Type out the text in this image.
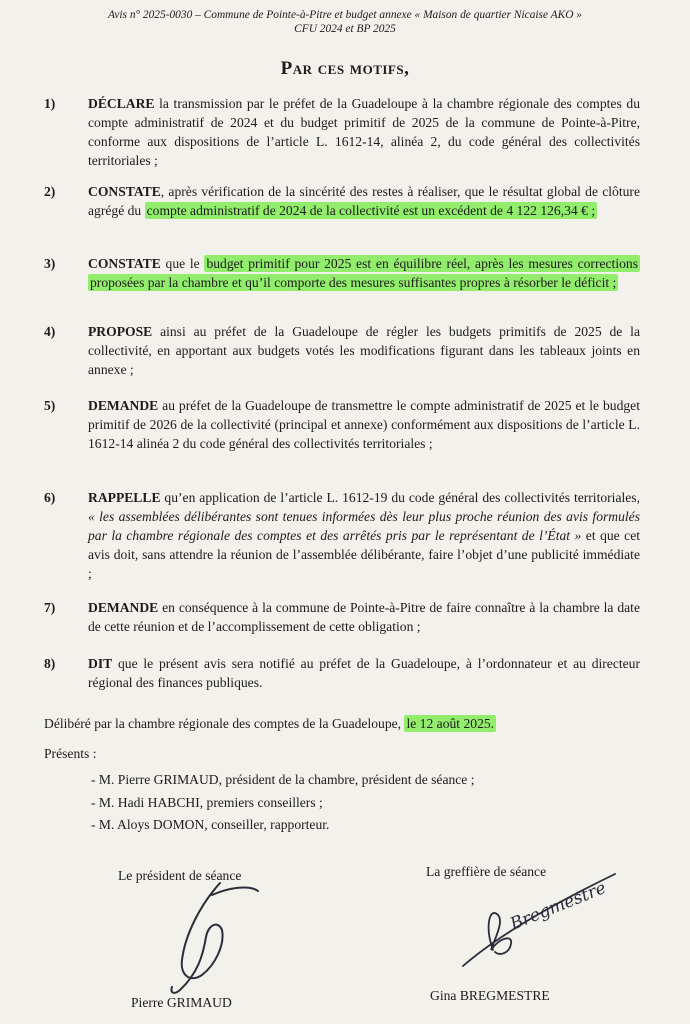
Avis n° 2025-0030 – Commune de Pointe-à-Pitre et budget annexe « Maison de quartier Nicaise AKO »
CFU 2024 et BP 2025
Par ces motifs,
1) DÉCLARE la transmission par le préfet de la Guadeloupe à la chambre régionale des comptes du compte administratif de 2024 et du budget primitif de 2025 de la commune de Pointe-à-Pitre, conforme aux dispositions de l’article L. 1612-14, alinéa 2, du code général des collectivités territoriales ;
2) CONSTATE, après vérification de la sincérité des restes à réaliser, que le résultat global de clôture agrégé du compte administratif de 2024 de la collectivité est un excédent de 4 122 126,34 € ;
3) CONSTATE que le budget primitif pour 2025 est en équilibre réel, après les mesures corrections proposées par la chambre et qu’il comporte des mesures suffisantes propres à résorber le déficit ;
4) PROPOSE ainsi au préfet de la Guadeloupe de régler les budgets primitifs de 2025 de la collectivité, en apportant aux budgets votés les modifications figurant dans les tableaux joints en annexe ;
5) DEMANDE au préfet de la Guadeloupe de transmettre le compte administratif de 2025 et le budget primitif de 2026 de la collectivité (principal et annexe) conformément aux dispositions de l’article L. 1612-14 alinéa 2 du code général des collectivités territoriales ;
6) RAPPELLE qu’en application de l’article L. 1612-19 du code général des collectivités territoriales, « les assemblées délibérantes sont tenues informées dès leur plus proche réunion des avis formulés par la chambre régionale des comptes et des arrêtés pris par le représentant de l’État » et que cet avis doit, sans attendre la réunion de l’assemblée délibérante, faire l’objet d’une publicité immédiate ;
7) DEMANDE en conséquence à la commune de Pointe-à-Pitre de faire connaître à la chambre la date de cette réunion et de l’accomplissement de cette obligation ;
8) DIT que le présent avis sera notifié au préfet de la Guadeloupe, à l’ordonnateur et au directeur régional des finances publiques.
Délibéré par la chambre régionale des comptes de la Guadeloupe, le 12 août 2025.
Présents :
- M. Pierre GRIMAUD, président de la chambre, président de séance ;
- M. Hadi HABCHI, premiers conseillers ;
- M. Aloys DOMON, conseiller, rapporteur.
Le président de séance	La greffière de séance
Bregmestre
Pierre GRIMAUD	Gina BREGMESTRE
